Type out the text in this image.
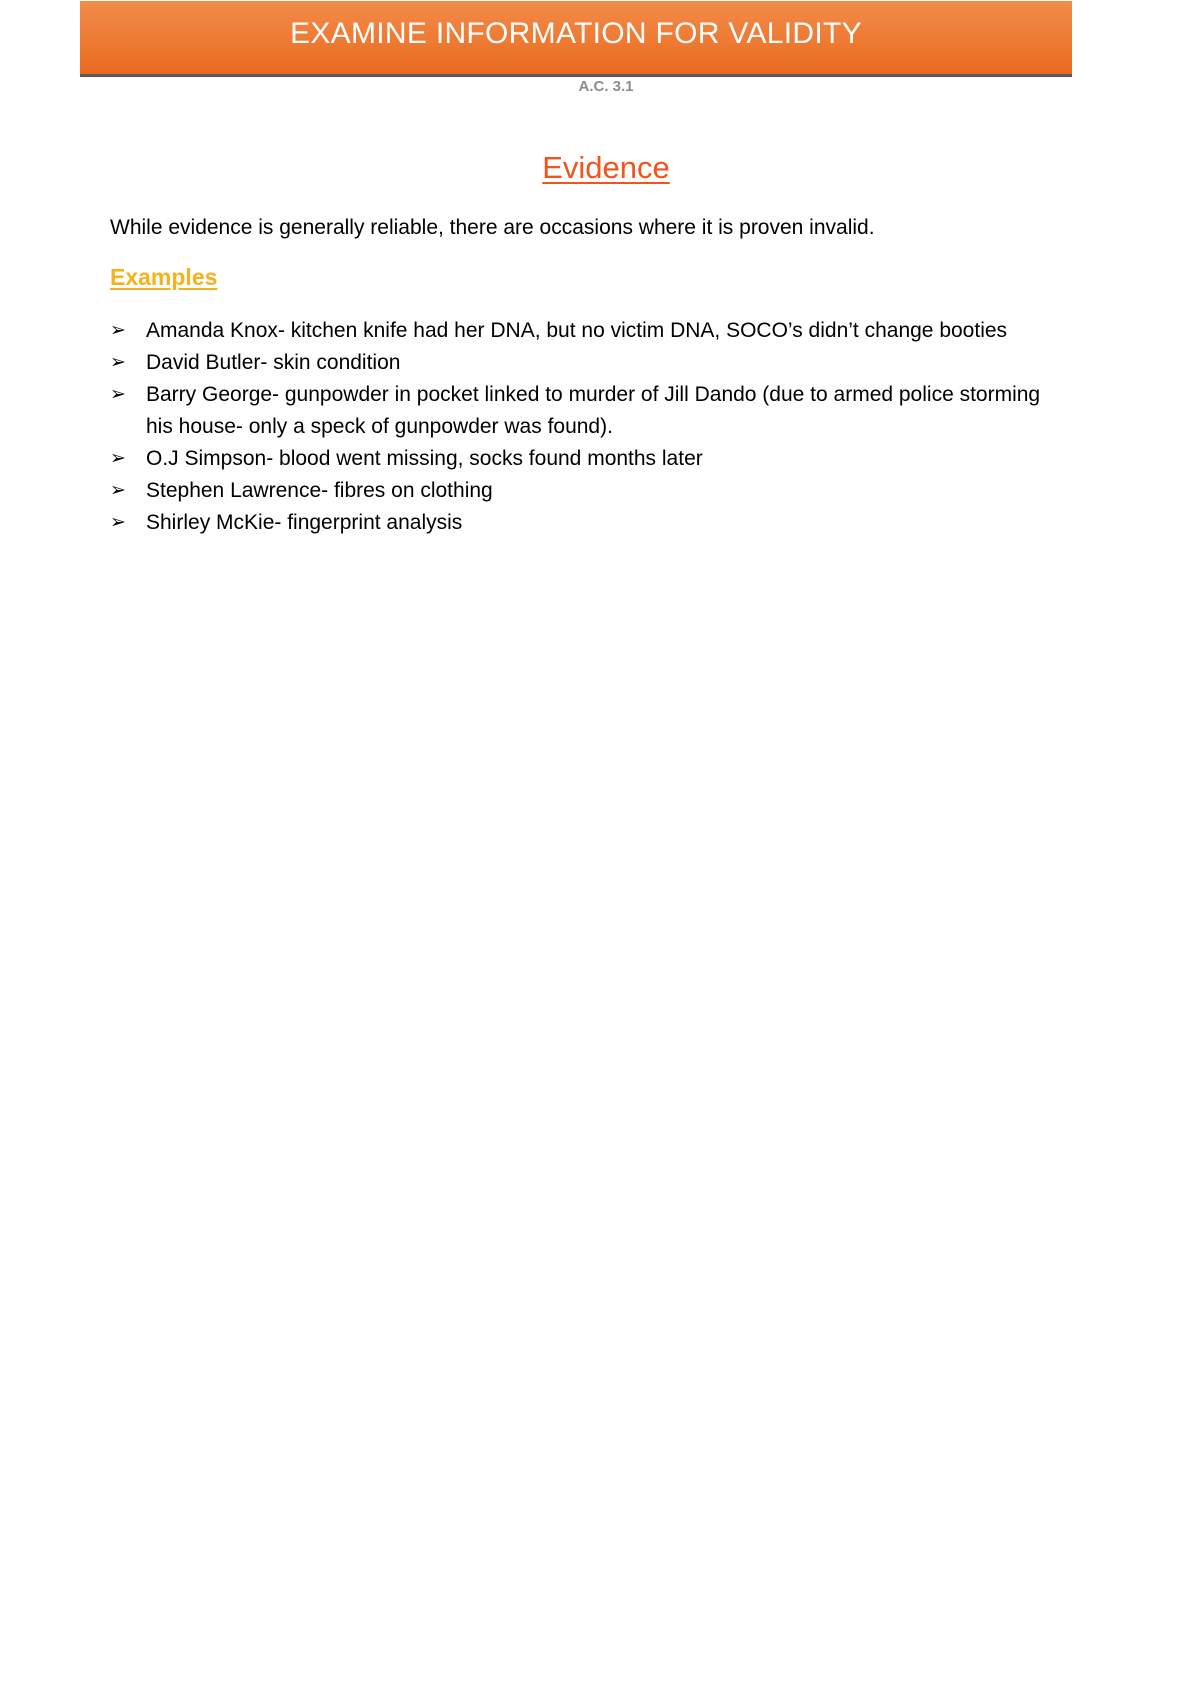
EXAMINE INFORMATION FOR VALIDITY
A.C. 3.1
Evidence
While evidence is generally reliable, there are occasions where it is proven invalid.
Examples
➢ Amanda Knox- kitchen knife had her DNA, but no victim DNA, SOCO’s didn’t change booties
➢ David Butler- skin condition
➢ Barry George- gunpowder in pocket linked to murder of Jill Dando (due to armed police storming his house- only a speck of gunpowder was found).
➢ O.J Simpson- blood went missing, socks found months later
➢ Stephen Lawrence- fibres on clothing
➢ Shirley McKie- fingerprint analysis
